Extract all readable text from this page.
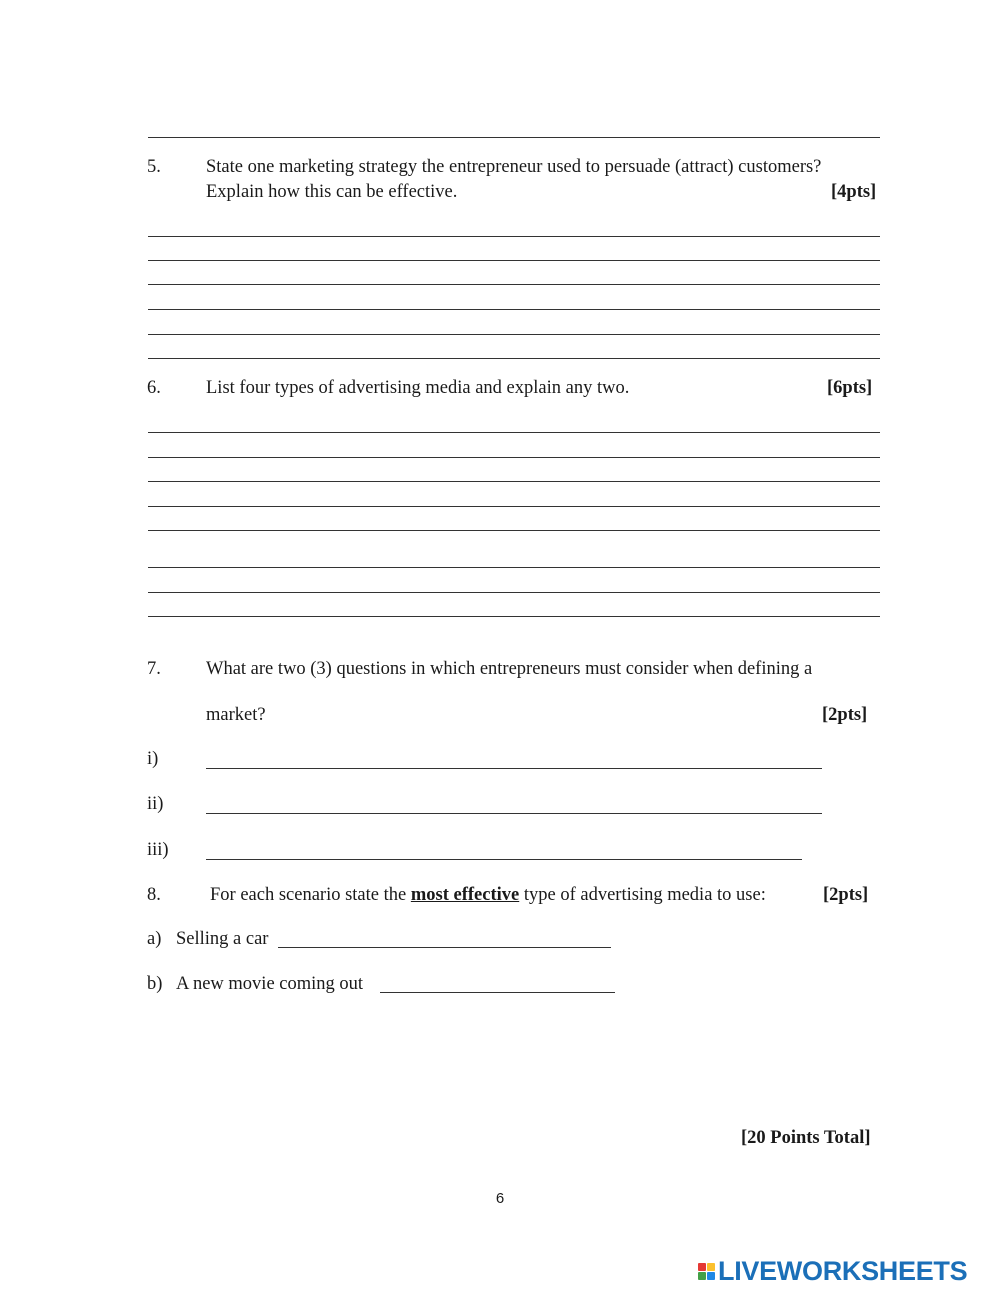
5. State one marketing strategy the entrepreneur used to persuade (attract) customers?
Explain how this can be effective.	[4pts]
6. List four types of advertising media and explain any two.	[6pts]
7. What are two (3) questions in which entrepreneurs must consider when defining a
market?	[2pts]
i)
ii)
iii)
8.	For each scenario state the most effective type of advertising media to use:	[2pts]
a) Selling a car
b) A new movie coming out
[20 Points Total]
6
LIVEWORKSHEETS
